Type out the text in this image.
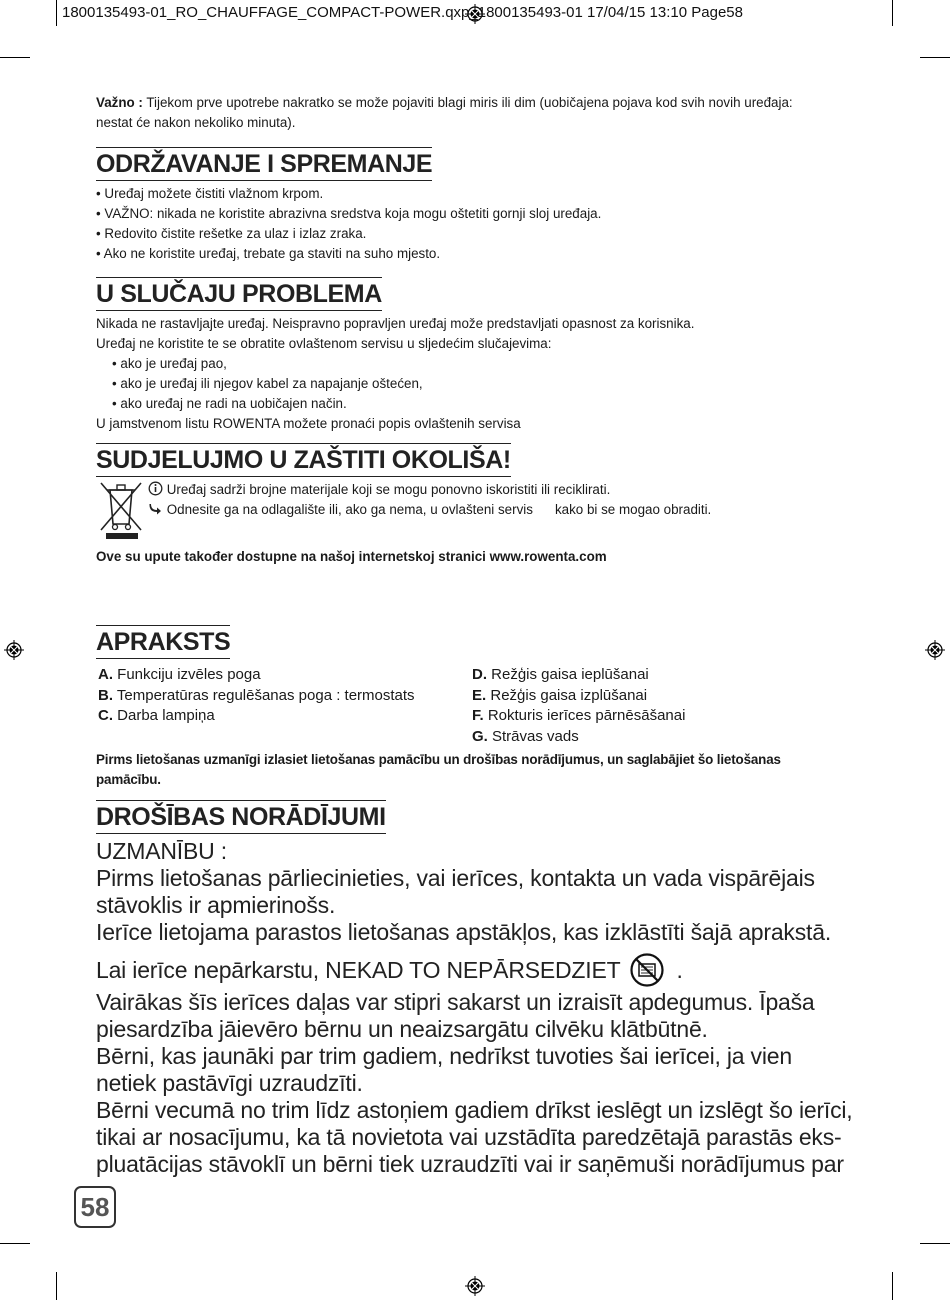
1800135493-01_RO_CHAUFFAGE_COMPACT-POWER.qxp_1800135493-01 17/04/15 13:10 Page58
Važno : Tijekom prve upotrebe nakratko se može pojaviti blagi miris ili dim (uobičajena pojava kod svih novih uređaja:
nestat će nakon nekoliko minuta).
ODRŽAVANJE I SPREMANJE
• Uređaj možete čistiti vlažnom krpom.
• VAŽNO: nikada ne koristite abrazivna sredstva koja mogu oštetiti gornji sloj uređaja.
• Redovito čistite rešetke za ulaz i izlaz zraka.
• Ako ne koristite uređaj, trebate ga staviti na suho mjesto.
U SLUČAJU PROBLEMA
Nikada ne rastavljajte uređaj. Neispravno popravljen uređaj može predstavljati opasnost za korisnika.
Uređaj ne koristite te se obratite ovlaštenom servisu u sljedećim slučajevima:
• ako je uređaj pao,
• ako je uređaj ili njegov kabel za napajanje oštećen,
• ako uređaj ne radi na uobičajen način.
U jamstvenom listu ROWENTA možete pronaći popis ovlaštenih servisa
SUDJELUJMO U ZAŠTITI OKOLIŠA!
Uređaj sadrži brojne materijale koji se mogu ponovno iskoristiti ili reciklirati.
Odnesite ga na odlagalište ili, ako ga nema, u ovlašteni servis kako bi se mogao obraditi.
Ove su upute također dostupne na našoj internetskoj stranici www.rowenta.com
APRAKSTS
A. Funkciju izvēles poga
B. Temperatūras regulēšanas poga : termostats
C. Darba lampiņa
D. Režģis gaisa ieplūšanai
E. Režģis gaisa izplūšanai
F. Rokturis ierīces pārnēsāšanai
G. Strāvas vads
Pirms lietošanas uzmanīgi izlasiet lietošanas pamācību un drošības norādījumus, un saglabājiet šo lietošanas
pamācību.
DROŠĪBAS NORĀDĪJUMI
UZMANĪBU :
Pirms lietošanas pārliecinieties, vai ierīces, kontakta un vada vispārējais
stāvoklis ir apmierinošs.
Ierīce lietojama parastos lietošanas apstākļos, kas izklāstīti šajā aprakstā.
Lai ierīce nepārkarstu, NEKAD TO NEPĀRSEDZIET .
Vairākas šīs ierīces daļas var stipri sakarst un izraisīt apdegumus. Īpaša
piesardzība jāievēro bērnu un neaizsargātu cilvēku klātbūtnē.
Bērni, kas jaunāki par trim gadiem, nedrīkst tuvoties šai ierīcei, ja vien
netiek pastāvīgi uzraudzīti.
Bērni vecumā no trim līdz astoņiem gadiem drīkst ieslēgt un izslēgt šo ierīci,
tikai ar nosacījumu, ka tā novietota vai uzstādīta paredzētajā parastās eks-
pluatācijas stāvoklī un bērni tiek uzraudzīti vai ir saņēmuši norādījumus par
58
